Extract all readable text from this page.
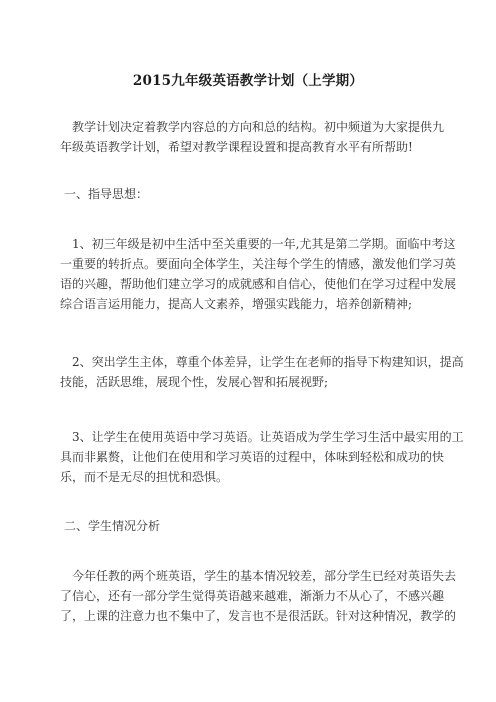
2015九年级英语教学计划（上学期）
教学计划决定着教学内容总的方向和总的结构。初中频道为大家提供九
年级英语教学计划，希望对教学课程设置和提高教育水平有所帮助!
一、指导思想：
1、初三年级是初中生活中至关重要的一年,尤其是第二学期。面临中考这
一重要的转折点。要面向全体学生，关注每个学生的情感，激发他们学习英
语的兴趣，帮助他们建立学习的成就感和自信心，使他们在学习过程中发展
综合语言运用能力，提高人文素养，增强实践能力，培养创新精神;
2、突出学生主体，尊重个体差异，让学生在老师的指导下构建知识，提高
技能，活跃思维，展现个性，发展心智和拓展视野;
3、让学生在使用英语中学习英语。让英语成为学生学习生活中最实用的工
具而非累赘，让他们在使用和学习英语的过程中，体味到轻松和成功的快
乐，而不是无尽的担忧和恐惧。
二、学生情况分析
今年任教的两个班英语，学生的基本情况较差，部分学生已经对英语失去
了信心，还有一部分学生觉得英语越来越难，渐渐力不从心了，不感兴趣
了，上课的注意力也不集中了，发言也不是很活跃。针对这种情况，教学的
